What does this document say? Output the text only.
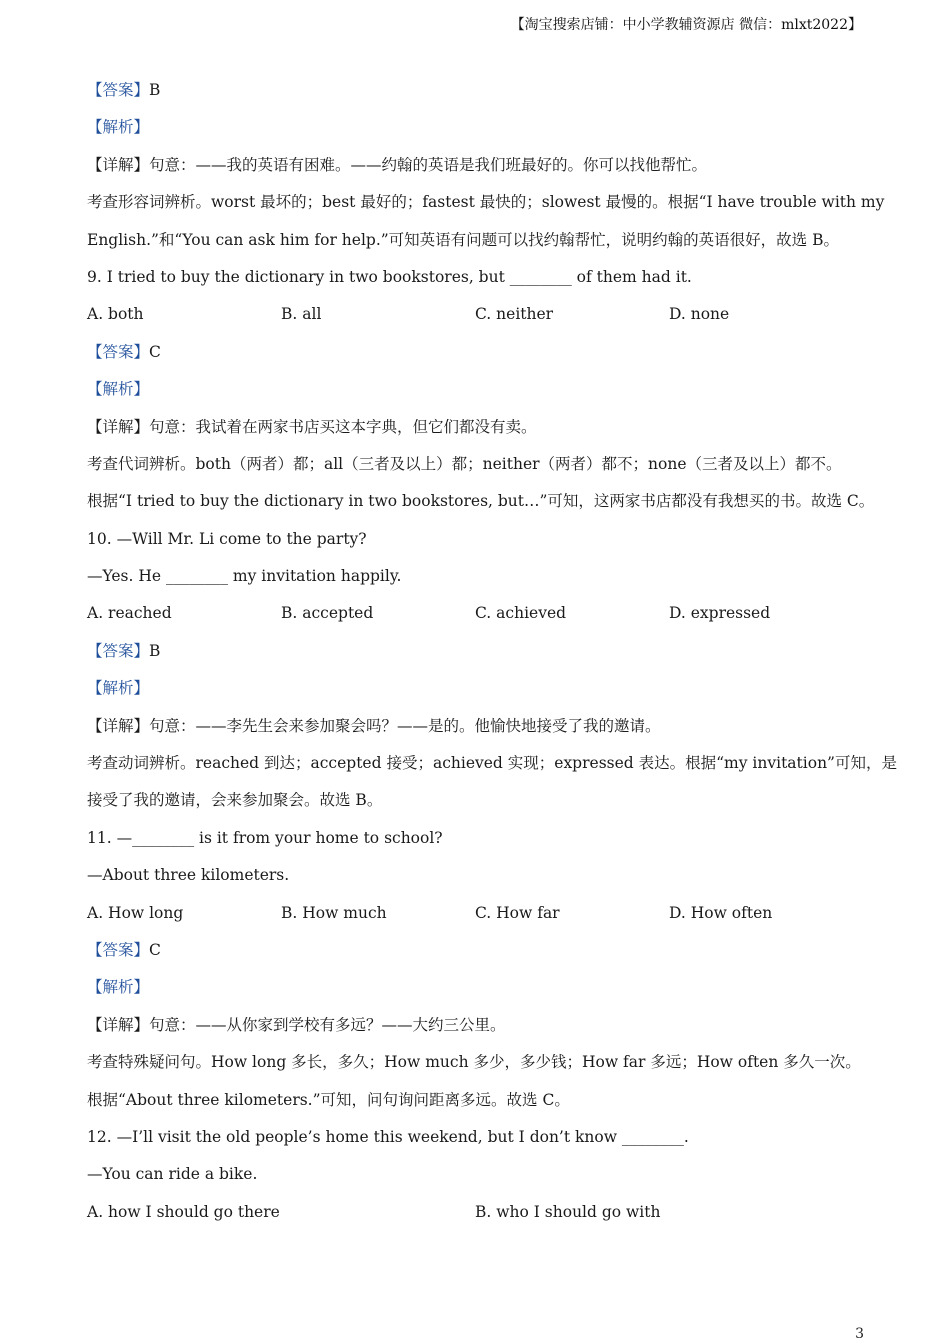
【淘宝搜索店铺：中小学教辅资源店 微信：mlxt2022】
【答案】B
【解析】
【详解】句意：——我的英语有困难。——约翰的英语是我们班最好的。你可以找他帮忙。
考查形容词辨析。worst 最坏的；best 最好的；fastest 最快的；slowest 最慢的。根据“I have trouble with my
English.”和“You can ask him for help.”可知英语有问题可以找约翰帮忙，说明约翰的英语很好，故选 B。
9. I tried to buy the dictionary in two bookstores, but ________ of them had it.
A. both	B. all	C. neither	D. none
【答案】C
【解析】
【详解】句意：我试着在两家书店买这本字典，但它们都没有卖。
考查代词辨析。both（两者）都；all（三者及以上）都；neither（两者）都不；none（三者及以上）都不。
根据“I tried to buy the dictionary in two bookstores, but…”可知，这两家书店都没有我想买的书。故选 C。
10. —Will Mr. Li come to the party?
—Yes. He ________ my invitation happily.
A. reached	B. accepted	C. achieved	D. expressed
【答案】B
【解析】
【详解】句意：——李先生会来参加聚会吗？——是的。他愉快地接受了我的邀请。
考查动词辨析。reached 到达；accepted 接受；achieved 实现；expressed 表达。根据“my invitation”可知，是
接受了我的邀请，会来参加聚会。故选 B。
11. —________ is it from your home to school?
—About three kilometers.
A. How long	B. How much	C. How far	D. How often
【答案】C
【解析】
【详解】句意：——从你家到学校有多远？——大约三公里。
考查特殊疑问句。How long 多长，多久；How much 多少，多少钱；How far 多远；How often 多久一次。
根据“About three kilometers.”可知，问句询问距离多远。故选 C。
12. —I’ll visit the old people’s home this weekend, but I don’t know ________.
—You can ride a bike.
A. how I should go there	B. who I should go with
3
